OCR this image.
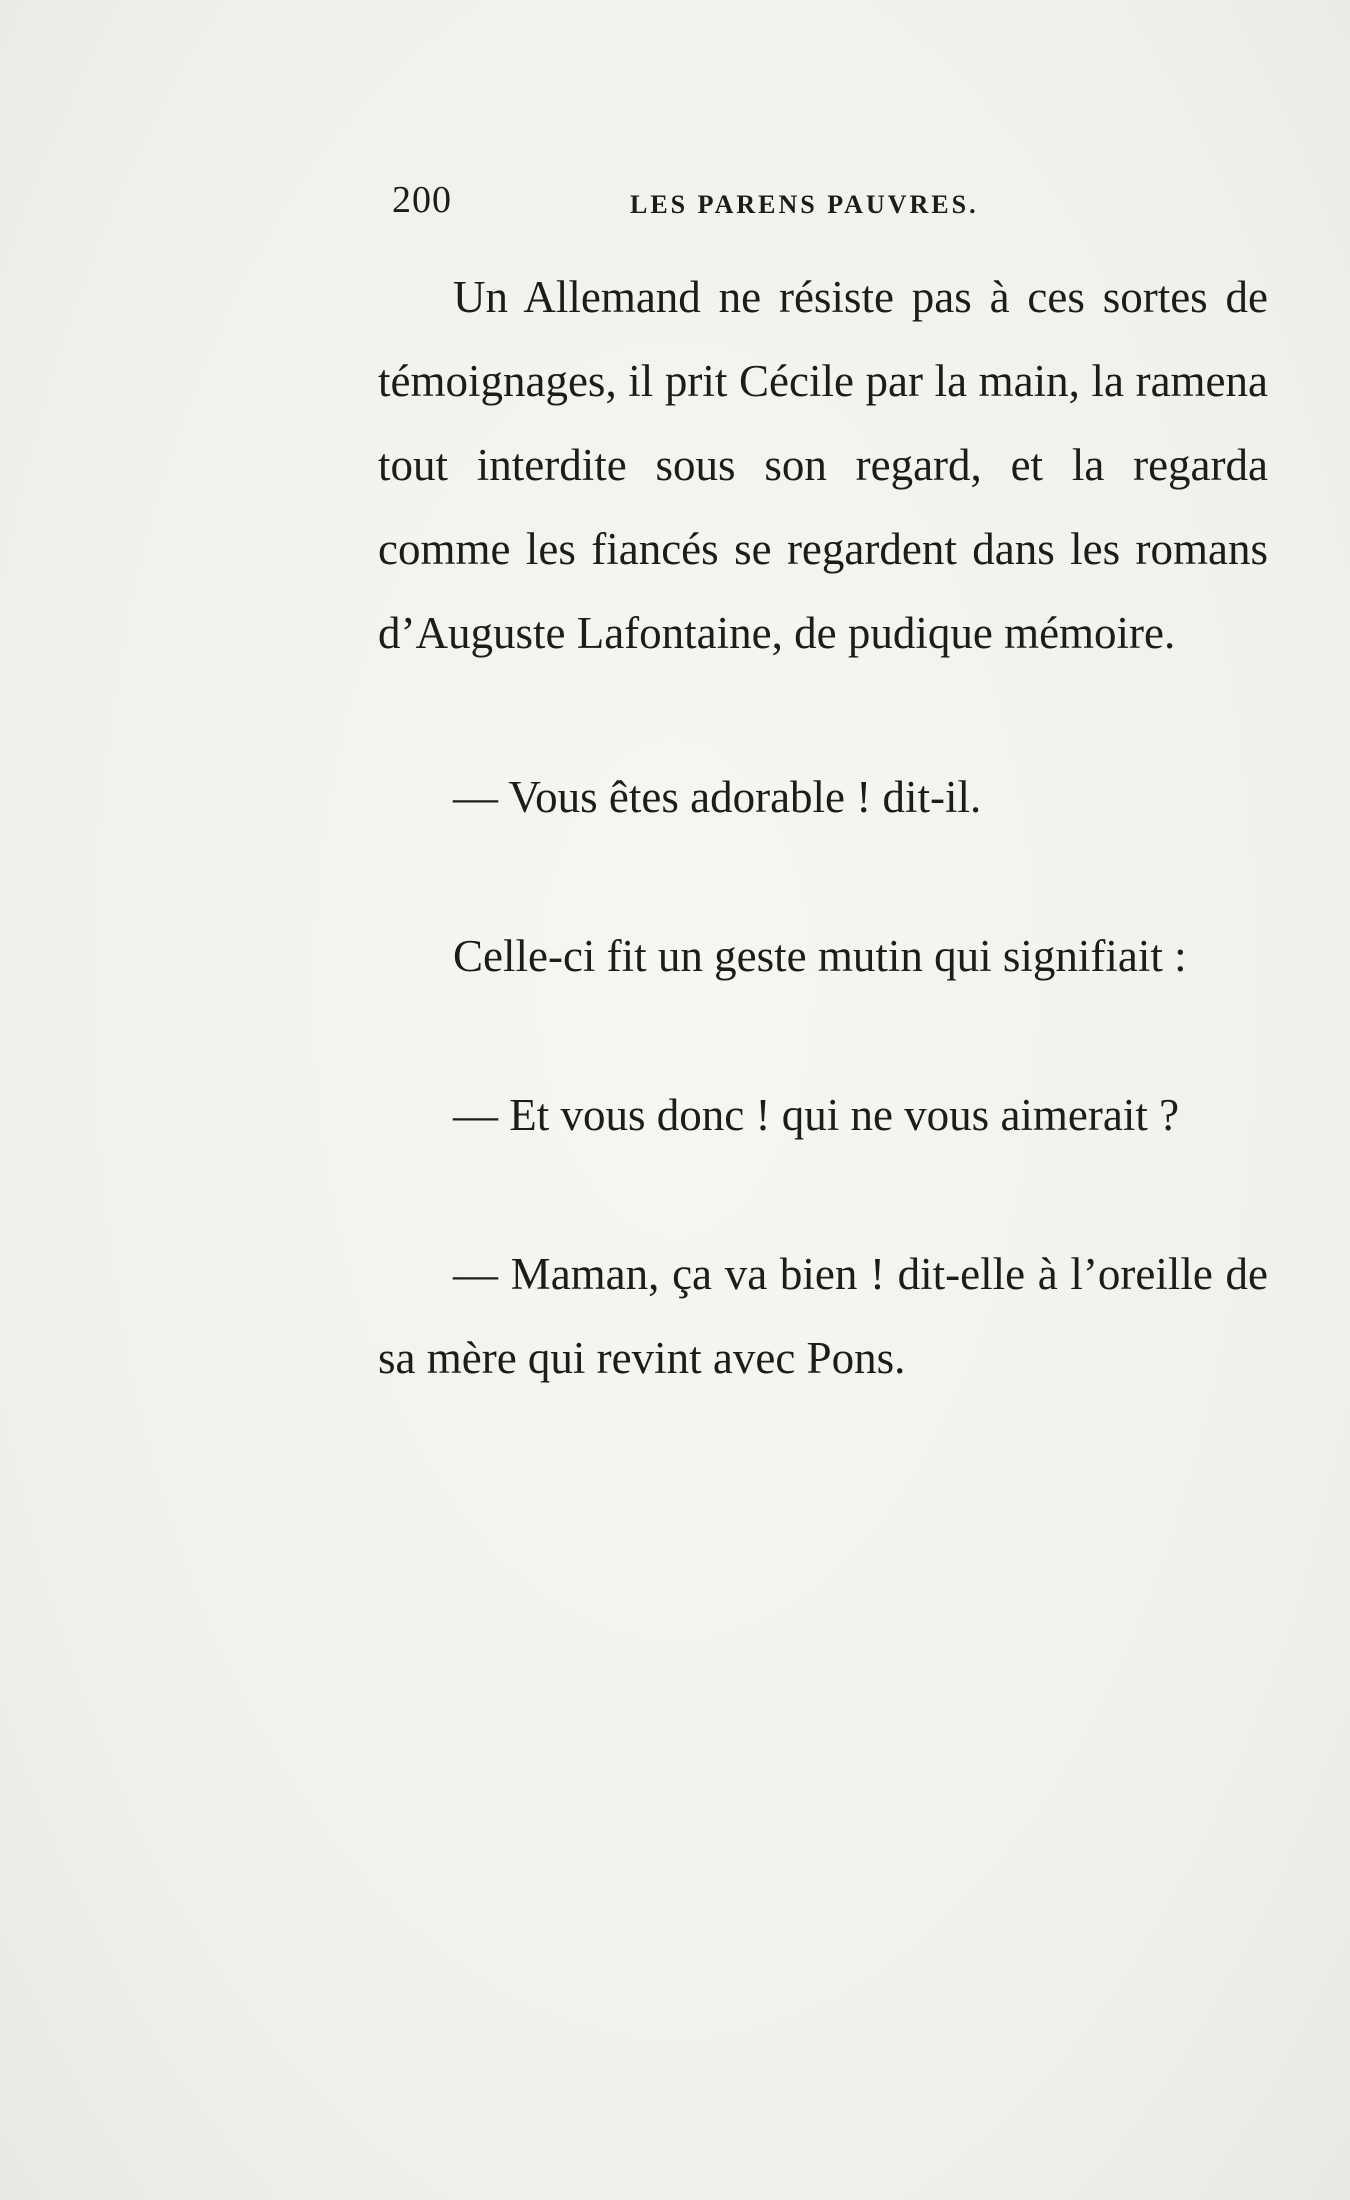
200	LES PARENS PAUVRES.

Un Allemand ne résiste pas à ces sortes de témoignages, il prit Cécile par la main, la ramena tout interdite sous son regard, et la regarda comme les fiancés se regardent dans les romans d’Auguste Lafontaine, de pudique mémoire.

— Vous êtes adorable ! dit-il.

Celle-ci fit un geste mutin qui signifiait :

— Et vous donc ! qui ne vous aimerait ?

— Maman, ça va bien ! dit-elle à l’oreille de sa mère qui revint avec Pons.
